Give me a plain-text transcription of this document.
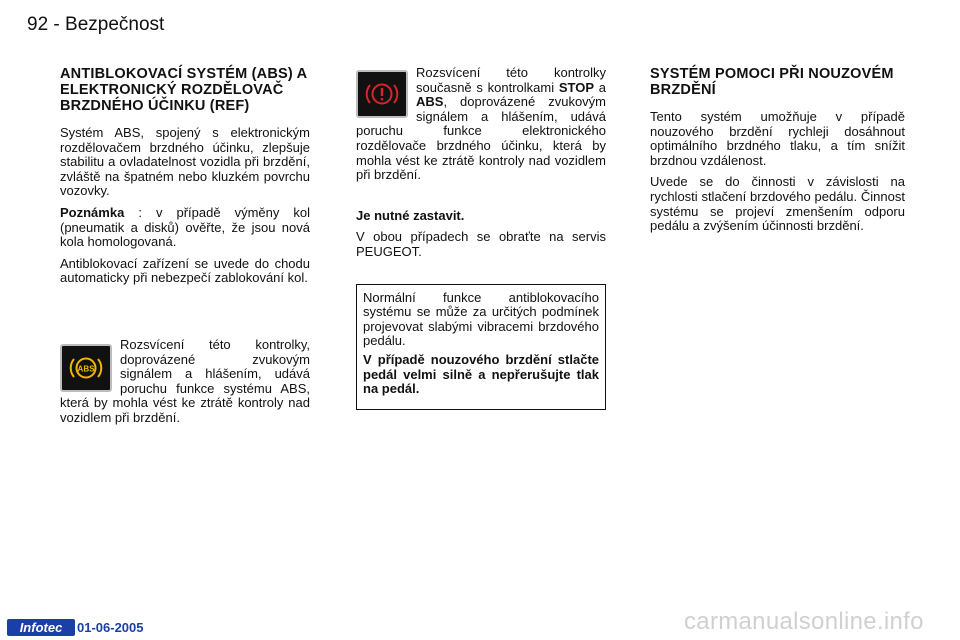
92 - Bezpečnost
ANTIBLOKOVACÍ SYSTÉM (ABS) A ELEKTRONICKÝ ROZDĚLOVAČ BRZDNÉHO ÚČINKU (REF)

Systém ABS, spojený s elektronickým rozdělovačem brzdného účinku, zlepšuje stabilitu a ovladatelnost vozidla při brzdění, zvláště na špatném nebo kluzkém povrchu vozovky.

Poznámka : v případě výměny kol (pneumatik a disků) ověřte, že jsou nová kola homologovaná.

Antiblokovací zařízení se uvede do chodu automaticky při nebezpečí zablokování kol.

ABS
Rozsvícení této kontrolky, doprovázené zvukovým signálem a hlášením, udává poruchu funkce systému ABS, která by mohla vést ke ztrátě kontroly nad vozidlem při brzdění.
Rozsvícení této kontrolky současně s kontrolkami STOP a ABS, doprovázené zvukovým signálem a hlášením, udává poruchu funkce elektronického rozdělovače brzdného účinku, která by mohla vést ke ztrátě kontroly nad vozidlem při brzdění.

Je nutné zastavit.

V obou případech se obraťte na servis PEUGEOT.

Normální funkce antiblokovacího systému se může za určitých podmínek projevovat slabými vibracemi brzdového pedálu.

V případě nouzového brzdění stlačte pedál velmi silně a nepřerušujte tlak na pedál.

SYSTÉM POMOCI PŘI NOUZOVÉM BRZDĚNÍ

Tento systém umožňuje v případě nouzového brzdění rychleji dosáhnout optimálního brzdného tlaku, a tím snížit brzdnou vzdálenost.

Uvede se do činnosti v závislosti na rychlosti stlačení brzdového pedálu. Činnost systému se projeví zmenšením odporu pedálu a zvýšením účinnosti brzdění.

Infotec	01-06-2005	carmanualsonline.info
